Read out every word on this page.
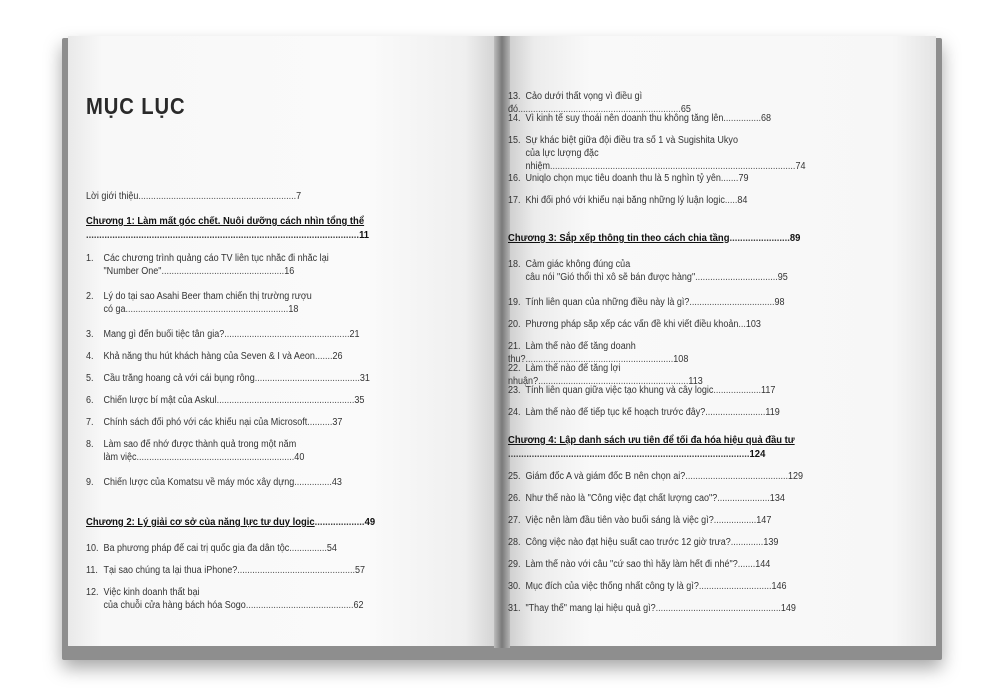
MỤC LỤC
Lời giới thiệu...............................................................7
Chương 1: Làm mất góc chết. Nuôi dưỡng cách nhìn tổng thể
........................................................................................................11
1. Các chương trình quảng cáo TV liên tục nhắc đi nhắc lại
"Number One".................................................16
2. Lý do tại sao Asahi Beer tham chiến thị trường rượu
có ga.................................................................18
3. Mang gì đến buổi tiệc tân gia?..................................................21
4. Khả năng thu hút khách hàng của Seven & I và Aeon.......26
5. Cầu trắng hoang cả với cái bụng rỗng..........................................31
6. Chiến lược bí mật của Askul.......................................................35
7. Chính sách đối phó với các khiếu nại của Microsoft..........37
8. Làm sao để nhớ được thành quả trong một năm
làm việc...............................................................40
9. Chiến lược của Komatsu về máy móc xây dựng...............43
Chương 2: Lý giải cơ sở của năng lực tư duy logic...................49
10. Ba phương pháp để cai trị quốc gia đa dân tộc...............54
11. Tại sao chúng ta lại thua iPhone?...............................................57
12. Việc kinh doanh thất bại
của chuỗi cửa hàng bách hóa Sogo...........................................62
13. Cảo dưới thất vọng vì điều gì đó.................................................................65
14. Vì kinh tế suy thoái nên doanh thu không tăng lên...............68
15. Sự khác biệt giữa đội điều tra số 1 và Sugishita Ukyo
của lực lượng đặc nhiệm..................................................................................................74
16. Uniqlo chọn mục tiêu doanh thu là 5 nghìn tỷ yên.......79
17. Khi đối phó với khiếu nại bằng những lý luận logic.....84
Chương 3: Sắp xếp thông tin theo cách chia tầng.......................89
18. Cảm giác không đúng của
câu nói "Gió thổi thì xô sẽ bán được hàng".................................95
19. Tính liên quan của những điều này là gì?..................................98
20. Phương pháp sắp xếp các vấn đề khi viết điều khoản...103
21. Làm thế nào để tăng doanh thu?...........................................................108
22. Làm thế nào để tăng lợi nhuận?............................................................113
23. Tính liên quan giữa việc tạo khung và cây logic...................117
24. Làm thế nào để tiếp tục kế hoạch trước đây?........................119
Chương 4: Lập danh sách ưu tiên để tối đa hóa hiệu quả đầu tư
............................................................................................124
25. Giám đốc A và giám đốc B nên chọn ai?.........................................129
26. Như thế nào là "Công việc đạt chất lượng cao"?.....................134
27. Việc nên làm đầu tiên vào buổi sáng là việc gì?.................147
28. Công việc nào đạt hiệu suất cao trước 12 giờ trưa?.............139
29. Làm thế nào với câu "cứ sao thì hãy làm hết đi nhé"?.......144
30. Mục đích của việc thống nhất công ty là gì?.............................146
31. "Thay thế" mang lại hiệu quả gì?..................................................149
